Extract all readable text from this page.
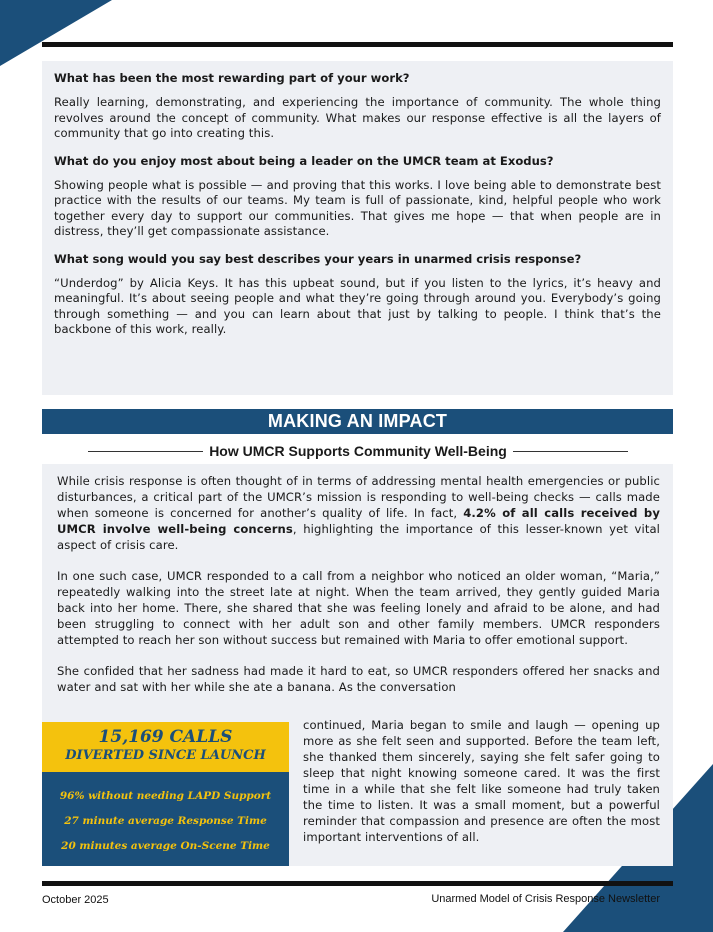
What has been the most rewarding part of your work?
Really learning, demonstrating, and experiencing the importance of community. The whole thing revolves around the concept of community. What makes our response effective is all the layers of community that go into creating this.
What do you enjoy most about being a leader on the UMCR team at Exodus?
Showing people what is possible — and proving that this works. I love being able to demonstrate best practice with the results of our teams. My team is full of passionate, kind, helpful people who work together every day to support our communities. That gives me hope — that when people are in distress, they’ll get compassionate assistance.
What song would you say best describes your years in unarmed crisis response?
“Underdog” by Alicia Keys. It has this upbeat sound, but if you listen to the lyrics, it’s heavy and meaningful. It’s about seeing people and what they’re going through around you. Everybody’s going through something — and you can learn about that just by talking to people. I think that’s the backbone of this work, really.
MAKING AN IMPACT
How UMCR Supports Community Well-Being

While crisis response is often thought of in terms of addressing mental health emergencies or public disturbances, a critical part of the UMCR’s mission is responding to well-being checks — calls made when someone is concerned for another’s quality of life. In fact, 4.2% of all calls received by UMCR involve well-being concerns, highlighting the importance of this lesser-known yet vital aspect of crisis care.

In one such case, UMCR responded to a call from a neighbor who noticed an older woman, “Maria,” repeatedly walking into the street late at night. When the team arrived, they gently guided Maria back into her home. There, she shared that she was feeling lonely and afraid to be alone, and had been struggling to connect with her adult son and other family members. UMCR responders attempted to reach her son without success but remained with Maria to offer emotional support.

She confided that her sadness had made it hard to eat, so UMCR responders offered her snacks and water and sat with her while she ate a banana. As the conversation

continued, Maria began to smile and laugh — opening up more as she felt seen and supported. Before the team left, she thanked them sincerely, saying she felt safer going to sleep that night knowing someone cared. It was the first time in a while that she felt like someone had truly taken the time to listen. It was a small moment, but a powerful reminder that compassion and presence are often the most important interventions of all.
15,169 CALLS
DIVERTED SINCE LAUNCH
96% without needing LAPD Support
27 minute average Response Time
20 minutes average On-Scene Time
October 2025	Unarmed Model of Crisis Response Newsletter
